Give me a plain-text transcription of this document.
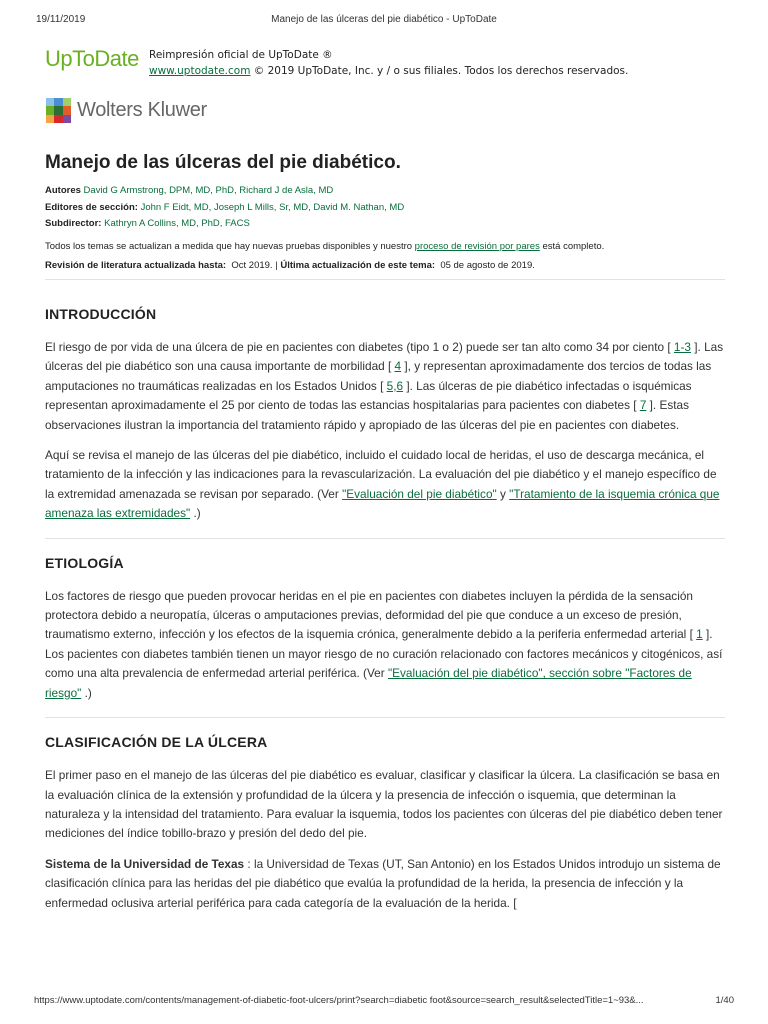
19/11/2019	Manejo de las úlceras del pie diabético - UpToDate
UpToDate Reimpresión oficial de UpToDate ®
www.uptodate.com © 2019 UpToDate, Inc. y / o sus filiales. Todos los derechos reservados.
Wolters Kluwer
Manejo de las úlceras del pie diabético.
Autores David G Armstrong, DPM, MD, PhD, Richard J de Asla, MD
Editores de sección: John F Eidt, MD, Joseph L Mills, Sr, MD, David M. Nathan, MD
Subdirector: Kathryn A Collins, MD, PhD, FACS
Todos los temas se actualizan a medida que hay nuevas pruebas disponibles y nuestro proceso de revisión por pares está completo.
Revisión de literatura actualizada hasta: Oct 2019. | Última actualización de este tema: 05 de agosto de 2019.
INTRODUCCIÓN

El riesgo de por vida de una úlcera de pie en pacientes con diabetes (tipo 1 o 2) puede ser tan alto como 34 por ciento [ 1-3 ]. Las úlceras del pie diabético son una causa importante de morbilidad [ 4 ], y representan aproximadamente dos tercios de todas las amputaciones no traumáticas realizadas en los Estados Unidos [ 5,6 ]. Las úlceras de pie diabético infectadas o isquémicas representan aproximadamente el 25 por ciento de todas las estancias hospitalarias para pacientes con diabetes [ 7 ]. Estas observaciones ilustran la importancia del tratamiento rápido y apropiado de las úlceras del pie en pacientes con diabetes.

Aquí se revisa el manejo de las úlceras del pie diabético, incluido el cuidado local de heridas, el uso de descarga mecánica, el tratamiento de la infección y las indicaciones para la revascularización. La evaluación del pie diabético y el manejo específico de la extremidad amenazada se revisan por separado. (Ver "Evaluación del pie diabético" y "Tratamiento de la isquemia crónica que amenaza las extremidades" .)

ETIOLOGÍA

Los factores de riesgo que pueden provocar heridas en el pie en pacientes con diabetes incluyen la pérdida de la sensación protectora debido a neuropatía, úlceras o amputaciones previas, deformidad del pie que conduce a un exceso de presión, traumatismo externo, infección y los efectos de la isquemia crónica, generalmente debido a la periferia enfermedad arterial [ 1 ]. Los pacientes con diabetes también tienen un mayor riesgo de no curación relacionado con factores mecánicos y citogénicos, así como una alta prevalencia de enfermedad arterial periférica. (Ver "Evaluación del pie diabético", sección sobre "Factores de riesgo" .)

CLASIFICACIÓN DE LA ÚLCERA

El primer paso en el manejo de las úlceras del pie diabético es evaluar, clasificar y clasificar la úlcera. La clasificación se basa en la evaluación clínica de la extensión y profundidad de la úlcera y la presencia de infección o isquemia, que determinan la naturaleza y la intensidad del tratamiento. Para evaluar la isquemia, todos los pacientes con úlceras del pie diabético deben tener mediciones del índice tobillo-brazo y presión del dedo del pie.

Sistema de la Universidad de Texas : la Universidad de Texas (UT, San Antonio) en los Estados Unidos introdujo un sistema de clasificación clínica para las heridas del pie diabético que evalúa la profundidad de la herida, la presencia de infección y la enfermedad oclusiva arterial periférica para cada categoría de la evaluación de la herida. [

https://www.uptodate.com/contents/management-of-diabetic-foot-ulcers/print?search=diabetic foot&source=search_result&selectedTitle=1~93&...	1/40
